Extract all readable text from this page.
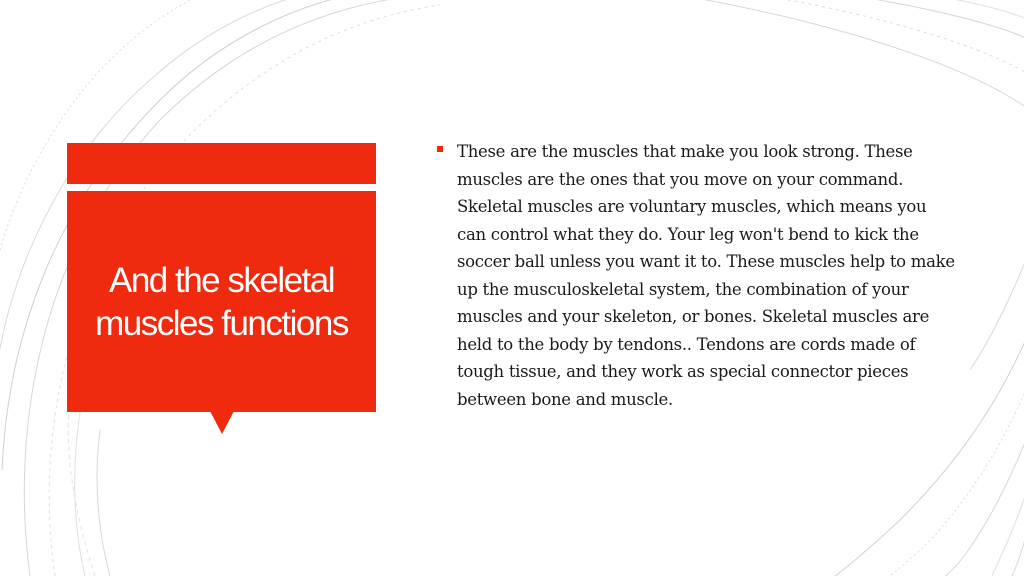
And the skeletal muscles functions

These are the muscles that make you look strong. These muscles are the ones that you move on your command. Skeletal muscles are voluntary muscles, which means you can control what they do. Your leg won't bend to kick the soccer ball unless you want it to. These muscles help to make up the musculoskeletal system, the combination of your muscles and your skeleton, or bones. Skeletal muscles are held to the body by tendons.. Tendons are cords made of tough tissue, and they work as special connector pieces between bone and muscle.
